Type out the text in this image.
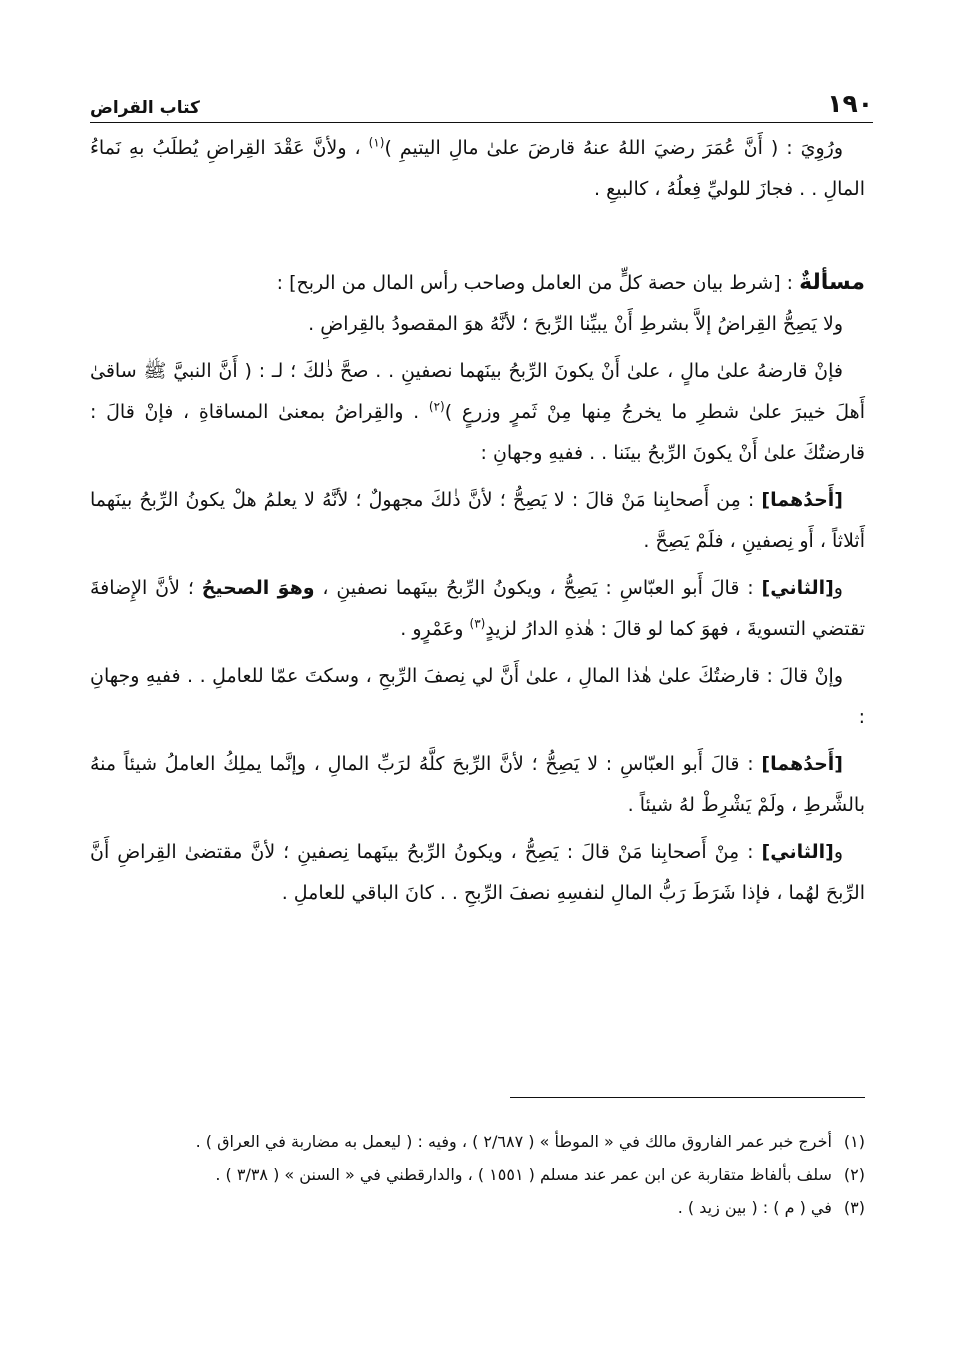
١٩٠
كتاب القراض

ورُوِيَ : ( أَنَّ عُمَرَ رضيَ اللهُ عنهُ قارضَ علىٰ مالِ اليتيمِ )$^{(١)}$ ، ولأنَّ عَقْدَ القِراضِ يُطلَبُ بهِ نَماءُ المالِ . . فجازَ للوليِّ فِعلُهُ ، كالبيعِ .

مسألةٌ : [شرط بيان حصة كلٍّ من العامل وصاحب رأس المال من الربح] :

ولا يَصِحُّ القِراضُ إلاَّ بشرطِ أَنْ يبيِّنا الرِّبحَ ؛ لأنَّهُ هوَ المقصودُ بالقِراضِ .

فإنْ قارضهُ علىٰ مالٍ ، علىٰ أَنْ يكونَ الرِّبحُ بينَهما نصفينِ . . صحَّ ذٰلكَ ؛ لـ : ( أَنَّ النبيَّ ﷺ ساقىٰ أَهلَ خيبرَ علىٰ شطرِ ما يخرجُ مِنها مِنْ ثَمرٍ وزرعٍ )$^{(٢)}$ . والقِراضُ بمعنىٰ المساقاةِ ، فإنْ قالَ : قارضتُكَ علىٰ أَنْ يكونَ الرِّبحُ بينَنا . . ففيهِ وجهانِ :

[أَحدُهما] : مِن أَصحابِنا مَنْ قالَ : لا يَصِحُّ ؛ لأنَّ ذٰلكَ مجهولٌ ؛ لأنَّهُ لا يعلمُ هلْ يكونُ الرِّبحُ بينَهما أَثلاثاً ، أَو نِصفينِ ، فلَمْ يَصِحَّ .

و[الثاني] : قالَ أَبو العبّاسِ : يَصِحُّ ، ويكونُ الرِّبحُ بينَهما نصفينِ ، وهوَ الصحيحُ ؛ لأنَّ الإِضافةَ تقتضي التسويةَ ، فهوَ كما لو قالَ : هٰذهِ الدارُ لزيدٍ$^{(٣)}$ وعَمْرٍو .

وإنْ قالَ : قارضتُكَ علىٰ هٰذا المالِ ، علىٰ أَنَّ لي نِصفَ الرِّبحِ ، وسكتَ عمّا للعاملِ . . ففيهِ وجهانِ :

[أَحدُهما] : قالَ أَبو العبّاسِ : لا يَصِحُّ ؛ لأنَّ الرِّبحَ كلَّهُ لرَبِّ المالِ ، وإنَّما يملِكُ العاملُ شيئاً منهُ بالشَّرطِ ، ولَمْ يَشْرِطْ لهُ شيئاً .

و[الثاني] : مِنْ أَصحابِنا مَنْ قالَ : يَصِحُّ ، ويكونُ الرِّبحُ بينَهما نِصفينِ ؛ لأنَّ مقتضىٰ القِراضِ أَنَّ الرِّبحَ لهُما ، فإذا شَرَطَ رَبُّ المالِ لنفسِهِ نصفَ الرِّبحِ . . كانَ الباقي للعاملِ .

(١)
أخرج خبر عمر الفاروق مالك في « الموطأ » ( ٢/٦٨٧ ) ، وفيه : ( ليعمل به مضاربة في العراق ) .
(٢)
سلف بألفاظ متقاربة عن ابن عمر عند مسلم ( ١٥٥١ ) ، والدارقطني في « السنن » ( ٣/٣٨ ) .
(٣)
في ( م ) : ( بين زيد ) .
